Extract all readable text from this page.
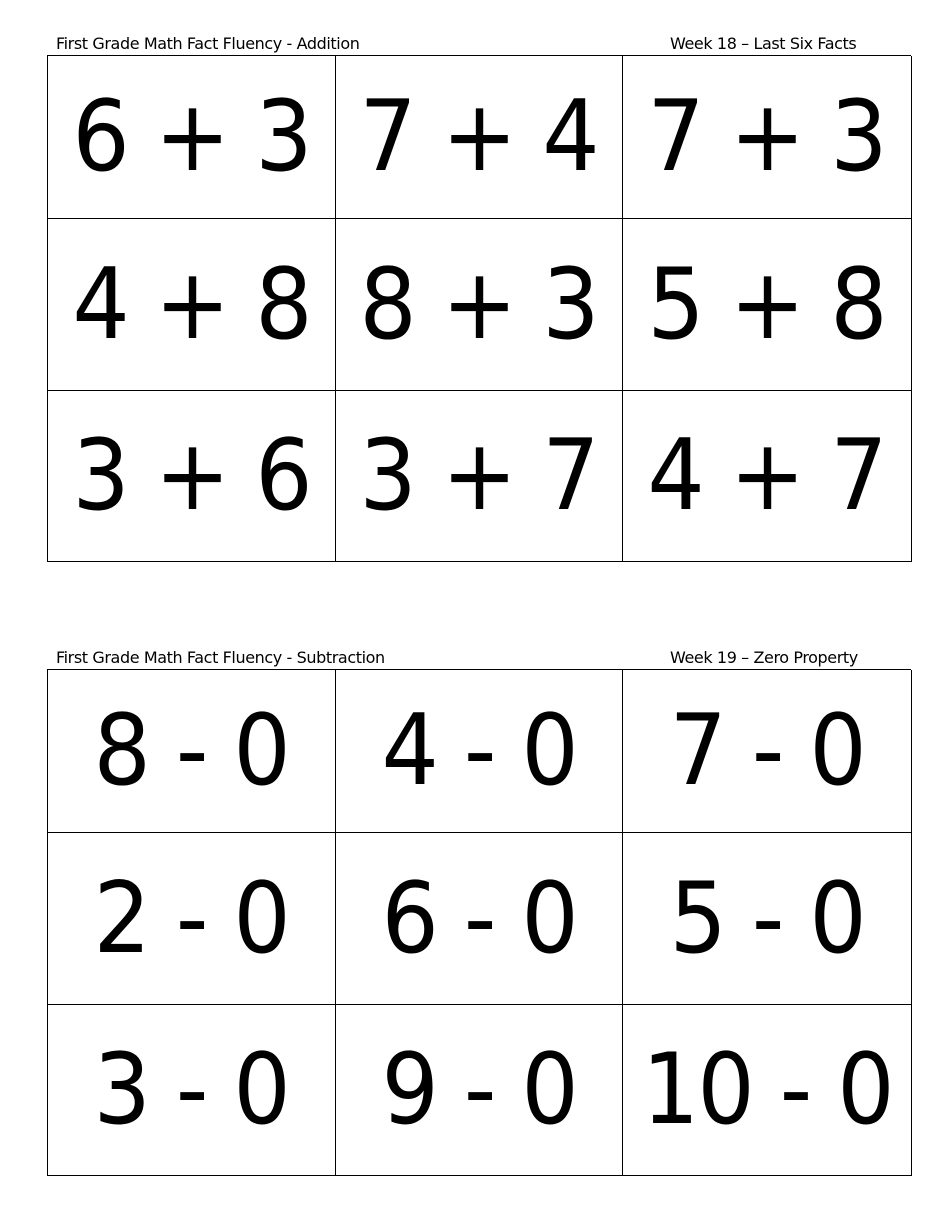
First Grade Math Fact Fluency - Addition	Week 18 – Last Six Facts
6 + 3 7 + 4 7 + 3
4 + 8 8 + 3 5 + 8
3 + 6 3 + 7 4 + 7
First Grade Math Fact Fluency - Subtraction	Week 19 – Zero Property
8 - 0 4 - 0 7 - 0
2 - 0 6 - 0 5 - 0
3 - 0 9 - 0 10 - 0
